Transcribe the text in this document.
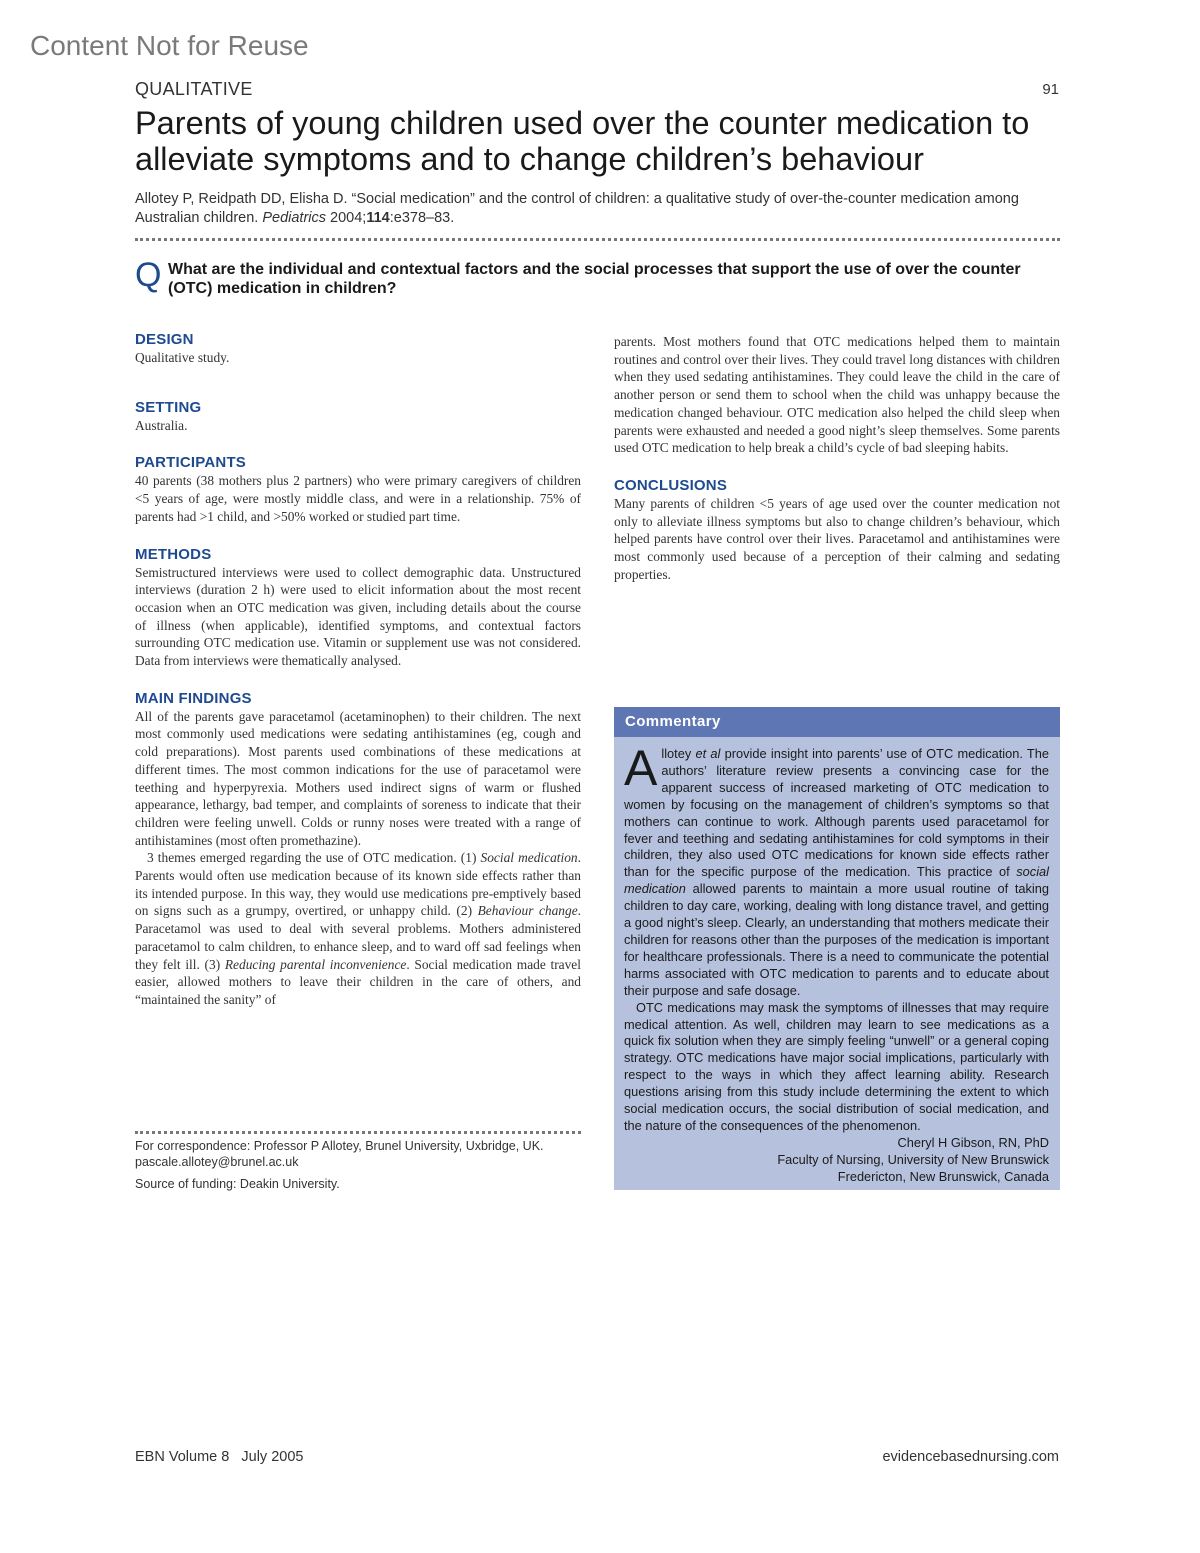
Content Not for Reuse
QUALITATIVE	91
Parents of young children used over the counter medication to alleviate symptoms and to change children’s behaviour
Allotey P, Reidpath DD, Elisha D. “Social medication” and the control of children: a qualitative study of over-the-counter medication among Australian children. Pediatrics 2004;114:e378–83.
Q What are the individual and contextual factors and the social processes that support the use of over the counter (OTC) medication in children?
DESIGN

Qualitative study.

SETTING

Australia.

PARTICIPANTS

40 parents (38 mothers plus 2 partners) who were primary caregivers of children <5 years of age, were mostly middle class, and were in a relationship. 75% of parents had >1 child, and >50% worked or studied part time.

METHODS

Semistructured interviews were used to collect demographic data. Unstructured interviews (duration 2 h) were used to elicit information about the most recent occasion when an OTC medication was given, including details about the course of illness (when applicable), identified symptoms, and contextual factors surrounding OTC medication use. Vitamin or supplement use was not considered. Data from interviews were thematically analysed.

MAIN FINDINGS

All of the parents gave paracetamol (acetaminophen) to their children. The next most commonly used medications were sedating antihistamines (eg, cough and cold preparations). Most parents used combinations of these medications at different times. The most common indications for the use of paracetamol were teething and hyperpyrexia. Mothers used indirect signs of warm or flushed appearance, lethargy, bad temper, and complaints of soreness to indicate that their children were feeling unwell. Colds or runny noses were treated with a range of antihistamines (most often promethazine).

3 themes emerged regarding the use of OTC medication. (1) Social medication. Parents would often use medication because of its known side effects rather than its intended purpose. In this way, they would use medications pre-emptively based on signs such as a grumpy, overtired, or unhappy child. (2) Behaviour change. Paracetamol was used to deal with several problems. Mothers administered paracetamol to calm children, to enhance sleep, and to ward off sad feelings when they felt ill. (3) Reducing parental inconvenience. Social medication made travel easier, allowed mothers to leave their children in the care of others, and “maintained the sanity” of

For correspondence: Professor P Allotey, Brunel University, Uxbridge, UK. pascale.allotey@brunel.ac.uk

Source of funding: Deakin University.

parents. Most mothers found that OTC medications helped them to maintain routines and control over their lives. They could travel long distances with children when they used sedating antihistamines. They could leave the child in the care of another person or send them to school when the child was unhappy because the medication changed behaviour. OTC medication also helped the child sleep when parents were exhausted and needed a good night’s sleep themselves. Some parents used OTC medication to help break a child’s cycle of bad sleeping habits.

CONCLUSIONS

Many parents of children <5 years of age used over the counter medication not only to alleviate illness symptoms but also to change children’s behaviour, which helped parents have control over their lives. Paracetamol and antihistamines were most commonly used because of a perception of their calming and sedating properties.

Commentary

Allotey et al provide insight into parents’ use of OTC medication. The authors’ literature review presents a convincing case for the apparent success of increased marketing of OTC medication to women by focusing on the management of children’s symptoms so that mothers can continue to work. Although parents used paracetamol for fever and teething and sedating antihistamines for cold symptoms in their children, they also used OTC medications for known side effects rather than for the specific purpose of the medication. This practice of social medication allowed parents to maintain a more usual routine of taking children to day care, working, dealing with long distance travel, and getting a good night’s sleep. Clearly, an understanding that mothers medicate their children for reasons other than the purposes of the medication is important for healthcare professionals. There is a need to communicate the potential harms associated with OTC medication to parents and to educate about their purpose and safe dosage.

OTC medications may mask the symptoms of illnesses that may require medical attention. As well, children may learn to see medications as a quick fix solution when they are simply feeling “unwell” or a general coping strategy. OTC medications have major social implications, particularly with respect to the ways in which they affect learning ability. Research questions arising from this study include determining the extent to which social medication occurs, the social distribution of social medication, and the nature of the consequences of the phenomenon.

Cheryl H Gibson, RN, PhD
Faculty of Nursing, University of New Brunswick
Fredericton, New Brunswick, Canada
EBN Volume 8   July 2005	evidencebasednursing.com
